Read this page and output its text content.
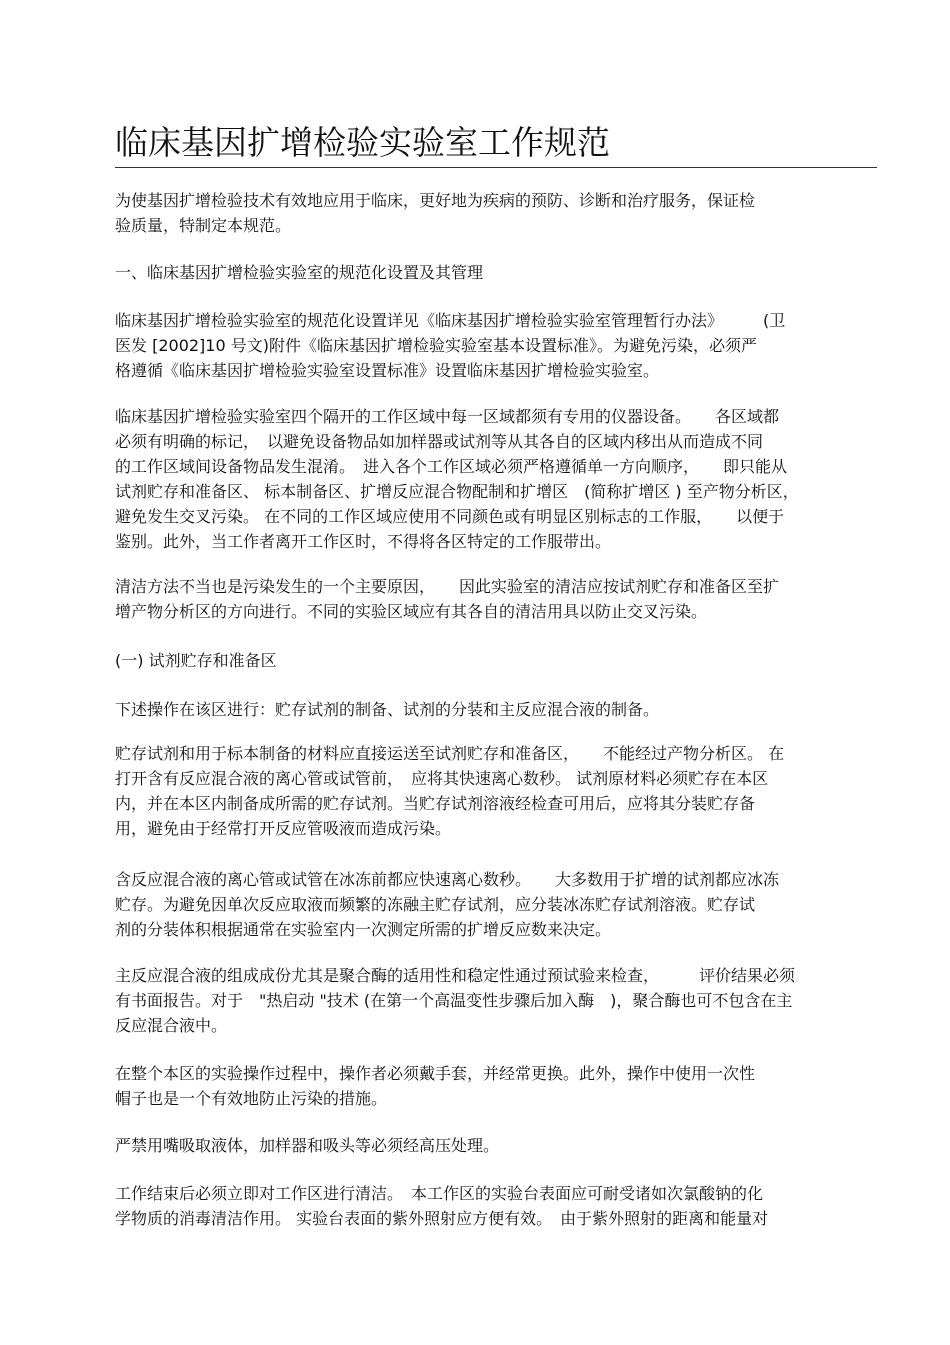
临床基因扩增检验实验室工作规范
为使基因扩增检验技术有效地应用于临床，更好地为疾病的预防、诊断和治疗服务，保证检
验质量，特制定本规范。
一、临床基因扩增检验实验室的规范化设置及其管理
临床基因扩增检验实验室的规范化设置详见《临床基因扩增检验实验室管理暂行办法》　　　(卫
医发 [2002]10 号文)附件《临床基因扩增检验实验室基本设置标准》。为避免污染，必须严
格遵循《临床基因扩增检验实验室设置标准》设置临床基因扩增检验实验室。
临床基因扩增检验实验室四个隔开的工作区域中每一区域都须有专用的仪器设备。　　各区域都
必须有明确的标记，　以避免设备物品如加样器或试剂等从其各自的区域内移出从而造成不同
的工作区域间设备物品发生混淆。　进入各个工作区域必须严格遵循单一方向顺序，　　即只能从
试剂贮存和准备区、 标本制备区、扩增反应混合物配制和扩增区　(简称扩增区 ) 至产物分析区，
避免发生交叉污染。 在不同的工作区域应使用不同颜色或有明显区别标志的工作服，　　以便于
鉴别。此外，当工作者离开工作区时，不得将各区特定的工作服带出。
清洁方法不当也是污染发生的一个主要原因，　　因此实验室的清洁应按试剂贮存和准备区至扩
增产物分析区的方向进行。不同的实验区域应有其各自的清洁用具以防止交叉污染。
(一) 试剂贮存和准备区
下述操作在该区进行：贮存试剂的制备、试剂的分装和主反应混合液的制备。
贮存试剂和用于标本制备的材料应直接运送至试剂贮存和准备区，　　不能经过产物分析区。 在
打开含有反应混合液的离心管或试管前，　应将其快速离心数秒。 试剂原材料必须贮存在本区
内，并在本区内制备成所需的贮存试剂。当贮存试剂溶液经检查可用后，应将其分装贮存备
用，避免由于经常打开反应管吸液而造成污染。
含反应混合液的离心管或试管在冰冻前都应快速离心数秒。　　大多数用于扩增的试剂都应冰冻
贮存。为避免因单次反应取液而频繁的冻融主贮存试剂，应分装冰冻贮存试剂溶液。贮存试
剂的分装体积根据通常在实验室内一次测定所需的扩增反应数来决定。
主反应混合液的组成成份尤其是聚合酶的适用性和稳定性通过预试验来检查，　　　评价结果必须
有书面报告。对于　"热启动 "技术 (在第一个高温变性步骤后加入酶　)，聚合酶也可不包含在主
反应混合液中。
在整个本区的实验操作过程中，操作者必须戴手套，并经常更换。此外，操作中使用一次性
帽子也是一个有效地防止污染的措施。
严禁用嘴吸取液体，加样器和吸头等必须经高压处理。
工作结束后必须立即对工作区进行清洁。　本工作区的实验台表面应可耐受诸如次氯酸钠的化
学物质的消毒清洁作用。 实验台表面的紫外照射应方便有效。　由于紫外照射的距离和能量对
